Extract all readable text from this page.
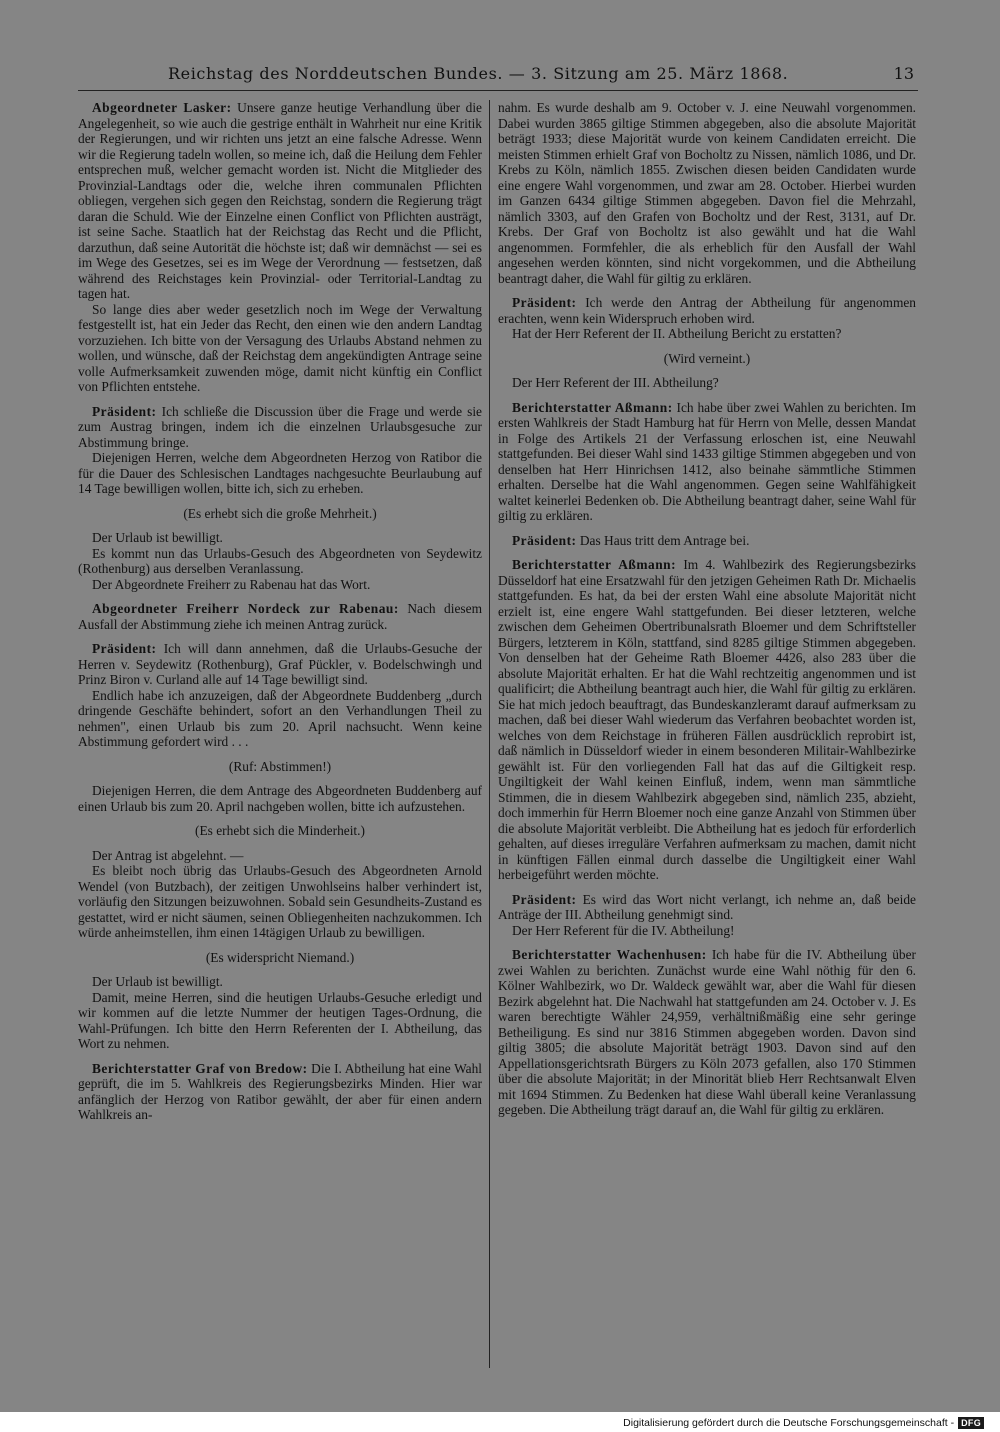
Reichstag des Norddeutschen Bundes. — 3. Sitzung am 25. März 1868.	13

Abgeordneter Lasker: Unsere ganze heutige Verhandlung über die Angelegenheit, so wie auch die gestrige enthält in Wahrheit nur eine Kritik der Regierungen, und wir richten uns jetzt an eine falsche Adresse. Wenn wir die Regierung tadeln wollen, so meine ich, daß die Heilung dem Fehler entsprechen muß, welcher gemacht worden ist. Nicht die Mitglieder des Provinzial-Landtags oder die, welche ihren communalen Pflichten obliegen, vergehen sich gegen den Reichstag, sondern die Regierung trägt daran die Schuld. Wie der Einzelne einen Conflict von Pflichten austrägt, ist seine Sache. Staatlich hat der Reichstag das Recht und die Pflicht, darzuthun, daß seine Autorität die höchste ist; daß wir demnächst — sei es im Wege des Gesetzes, sei es im Wege der Verordnung — festsetzen, daß während des Reichstages kein Provinzial- oder Territorial-Landtag zu tagen hat.

So lange dies aber weder gesetzlich noch im Wege der Verwaltung festgestellt ist, hat ein Jeder das Recht, den einen wie den andern Landtag vorzuziehen. Ich bitte von der Versagung des Urlaubs Abstand nehmen zu wollen, und wünsche, daß der Reichstag dem angekündigten Antrage seine volle Aufmerksamkeit zuwenden möge, damit nicht künftig ein Conflict von Pflichten entstehe.

Präsident: Ich schließe die Discussion über die Frage und werde sie zum Austrag bringen, indem ich die einzelnen Urlaubsgesuche zur Abstimmung bringe.

Diejenigen Herren, welche dem Abgeordneten Herzog von Ratibor die für die Dauer des Schlesischen Landtages nachgesuchte Beurlaubung auf 14 Tage bewilligen wollen, bitte ich, sich zu erheben.

(Es erhebt sich die große Mehrheit.)

Der Urlaub ist bewilligt.

Es kommt nun das Urlaubs-Gesuch des Abgeordneten von Seydewitz (Rothenburg) aus derselben Veranlassung.

Der Abgeordnete Freiherr zu Rabenau hat das Wort.

Abgeordneter Freiherr Nordeck zur Rabenau: Nach diesem Ausfall der Abstimmung ziehe ich meinen Antrag zurück.

Präsident: Ich will dann annehmen, daß die Urlaubs-Gesuche der Herren v. Seydewitz (Rothenburg), Graf Pückler, v. Bodelschwingh und Prinz Biron v. Curland alle auf 14 Tage bewilligt sind.

Endlich habe ich anzuzeigen, daß der Abgeordnete Buddenberg „durch dringende Geschäfte behindert, sofort an den Verhandlungen Theil zu nehmen", einen Urlaub bis zum 20. April nachsucht. Wenn keine Abstimmung gefordert wird . . .

(Ruf: Abstimmen!)

Diejenigen Herren, die dem Antrage des Abgeordneten Buddenberg auf einen Urlaub bis zum 20. April nachgeben wollen, bitte ich aufzustehen.

(Es erhebt sich die Minderheit.)

Der Antrag ist abgelehnt. —

Es bleibt noch übrig das Urlaubs-Gesuch des Abgeordneten Arnold Wendel (von Butzbach), der zeitigen Unwohlseins halber verhindert ist, vorläufig den Sitzungen beizuwohnen. Sobald sein Gesundheits-Zustand es gestattet, wird er nicht säumen, seinen Obliegenheiten nachzukommen. Ich würde anheimstellen, ihm einen 14tägigen Urlaub zu bewilligen.

(Es widerspricht Niemand.)

Der Urlaub ist bewilligt.

Damit, meine Herren, sind die heutigen Urlaubs-Gesuche erledigt und wir kommen auf die letzte Nummer der heutigen Tages-Ordnung, die Wahl-Prüfungen. Ich bitte den Herrn Referenten der I. Abtheilung, das Wort zu nehmen.

Berichterstatter Graf von Bredow: Die I. Abtheilung hat eine Wahl geprüft, die im 5. Wahlkreis des Regierungsbezirks Minden. Hier war anfänglich der Herzog von Ratibor gewählt, der aber für einen andern Wahlkreis an-

nahm. Es wurde deshalb am 9. October v. J. eine Neuwahl vorgenommen. Dabei wurden 3865 giltige Stimmen abgegeben, also die absolute Majorität beträgt 1933; diese Majorität wurde von keinem Candidaten erreicht. Die meisten Stimmen erhielt Graf von Bocholtz zu Nissen, nämlich 1086, und Dr. Krebs zu Köln, nämlich 1855. Zwischen diesen beiden Candidaten wurde eine engere Wahl vorgenommen, und zwar am 28. October. Hierbei wurden im Ganzen 6434 giltige Stimmen abgegeben. Davon fiel die Mehrzahl, nämlich 3303, auf den Grafen von Bocholtz und der Rest, 3131, auf Dr. Krebs. Der Graf von Bocholtz ist also gewählt und hat die Wahl angenommen. Formfehler, die als erheblich für den Ausfall der Wahl angesehen werden könnten, sind nicht vorgekommen, und die Abtheilung beantragt daher, die Wahl für giltig zu erklären.

Präsident: Ich werde den Antrag der Abtheilung für angenommen erachten, wenn kein Widerspruch erhoben wird.

Hat der Herr Referent der II. Abtheilung Bericht zu erstatten?

(Wird verneint.)

Der Herr Referent der III. Abtheilung?

Berichterstatter Aßmann: Ich habe über zwei Wahlen zu berichten. Im ersten Wahlkreis der Stadt Hamburg hat für Herrn von Melle, dessen Mandat in Folge des Artikels 21 der Verfassung erloschen ist, eine Neuwahl stattgefunden. Bei dieser Wahl sind 1433 giltige Stimmen abgegeben und von denselben hat Herr Hinrichsen 1412, also beinahe sämmtliche Stimmen erhalten. Derselbe hat die Wahl angenommen. Gegen seine Wahlfähigkeit waltet keinerlei Bedenken ob. Die Abtheilung beantragt daher, seine Wahl für giltig zu erklären.

Präsident: Das Haus tritt dem Antrage bei.

Berichterstatter Aßmann: Im 4. Wahlbezirk des Regierungsbezirks Düsseldorf hat eine Ersatzwahl für den jetzigen Geheimen Rath Dr. Michaelis stattgefunden. Es hat, da bei der ersten Wahl eine absolute Majorität nicht erzielt ist, eine engere Wahl stattgefunden. Bei dieser letzteren, welche zwischen dem Geheimen Obertribunalsrath Bloemer und dem Schriftsteller Bürgers, letzterem in Köln, stattfand, sind 8285 giltige Stimmen abgegeben. Von denselben hat der Geheime Rath Bloemer 4426, also 283 über die absolute Majorität erhalten. Er hat die Wahl rechtzeitig angenommen und ist qualificirt; die Abtheilung beantragt auch hier, die Wahl für giltig zu erklären. Sie hat mich jedoch beauftragt, das Bundeskanzleramt darauf aufmerksam zu machen, daß bei dieser Wahl wiederum das Verfahren beobachtet worden ist, welches von dem Reichstage in früheren Fällen ausdrücklich reprobirt ist, daß nämlich in Düsseldorf wieder in einem besonderen Militair-Wahlbezirke gewählt ist. Für den vorliegenden Fall hat das auf die Giltigkeit resp. Ungiltigkeit der Wahl keinen Einfluß, indem, wenn man sämmtliche Stimmen, die in diesem Wahlbezirk abgegeben sind, nämlich 235, abzieht, doch immerhin für Herrn Bloemer noch eine ganze Anzahl von Stimmen über die absolute Majorität verbleibt. Die Abtheilung hat es jedoch für erforderlich gehalten, auf dieses irreguläre Verfahren aufmerksam zu machen, damit nicht in künftigen Fällen einmal durch dasselbe die Ungiltigkeit einer Wahl herbeigeführt werden möchte.

Präsident: Es wird das Wort nicht verlangt, ich nehme an, daß beide Anträge der III. Abtheilung genehmigt sind.

Der Herr Referent für die IV. Abtheilung!

Berichterstatter Wachenhusen: Ich habe für die IV. Abtheilung über zwei Wahlen zu berichten. Zunächst wurde eine Wahl nöthig für den 6. Kölner Wahlbezirk, wo Dr. Waldeck gewählt war, aber die Wahl für diesen Bezirk abgelehnt hat. Die Nachwahl hat stattgefunden am 24. October v. J. Es waren berechtigte Wähler 24,959, verhältnißmäßig eine sehr geringe Betheiligung. Es sind nur 3816 Stimmen abgegeben worden. Davon sind giltig 3805; die absolute Majorität beträgt 1903. Davon sind auf den Appellationsgerichtsrath Bürgers zu Köln 2073 gefallen, also 170 Stimmen über die absolute Majorität; in der Minorität blieb Herr Rechtsanwalt Elven mit 1694 Stimmen. Zu Bedenken hat diese Wahl überall keine Veranlassung gegeben. Die Abtheilung trägt darauf an, die Wahl für giltig zu erklären.

Digitalisierung gefördert durch die Deutsche Forschungsgemeinschaft - DFG
